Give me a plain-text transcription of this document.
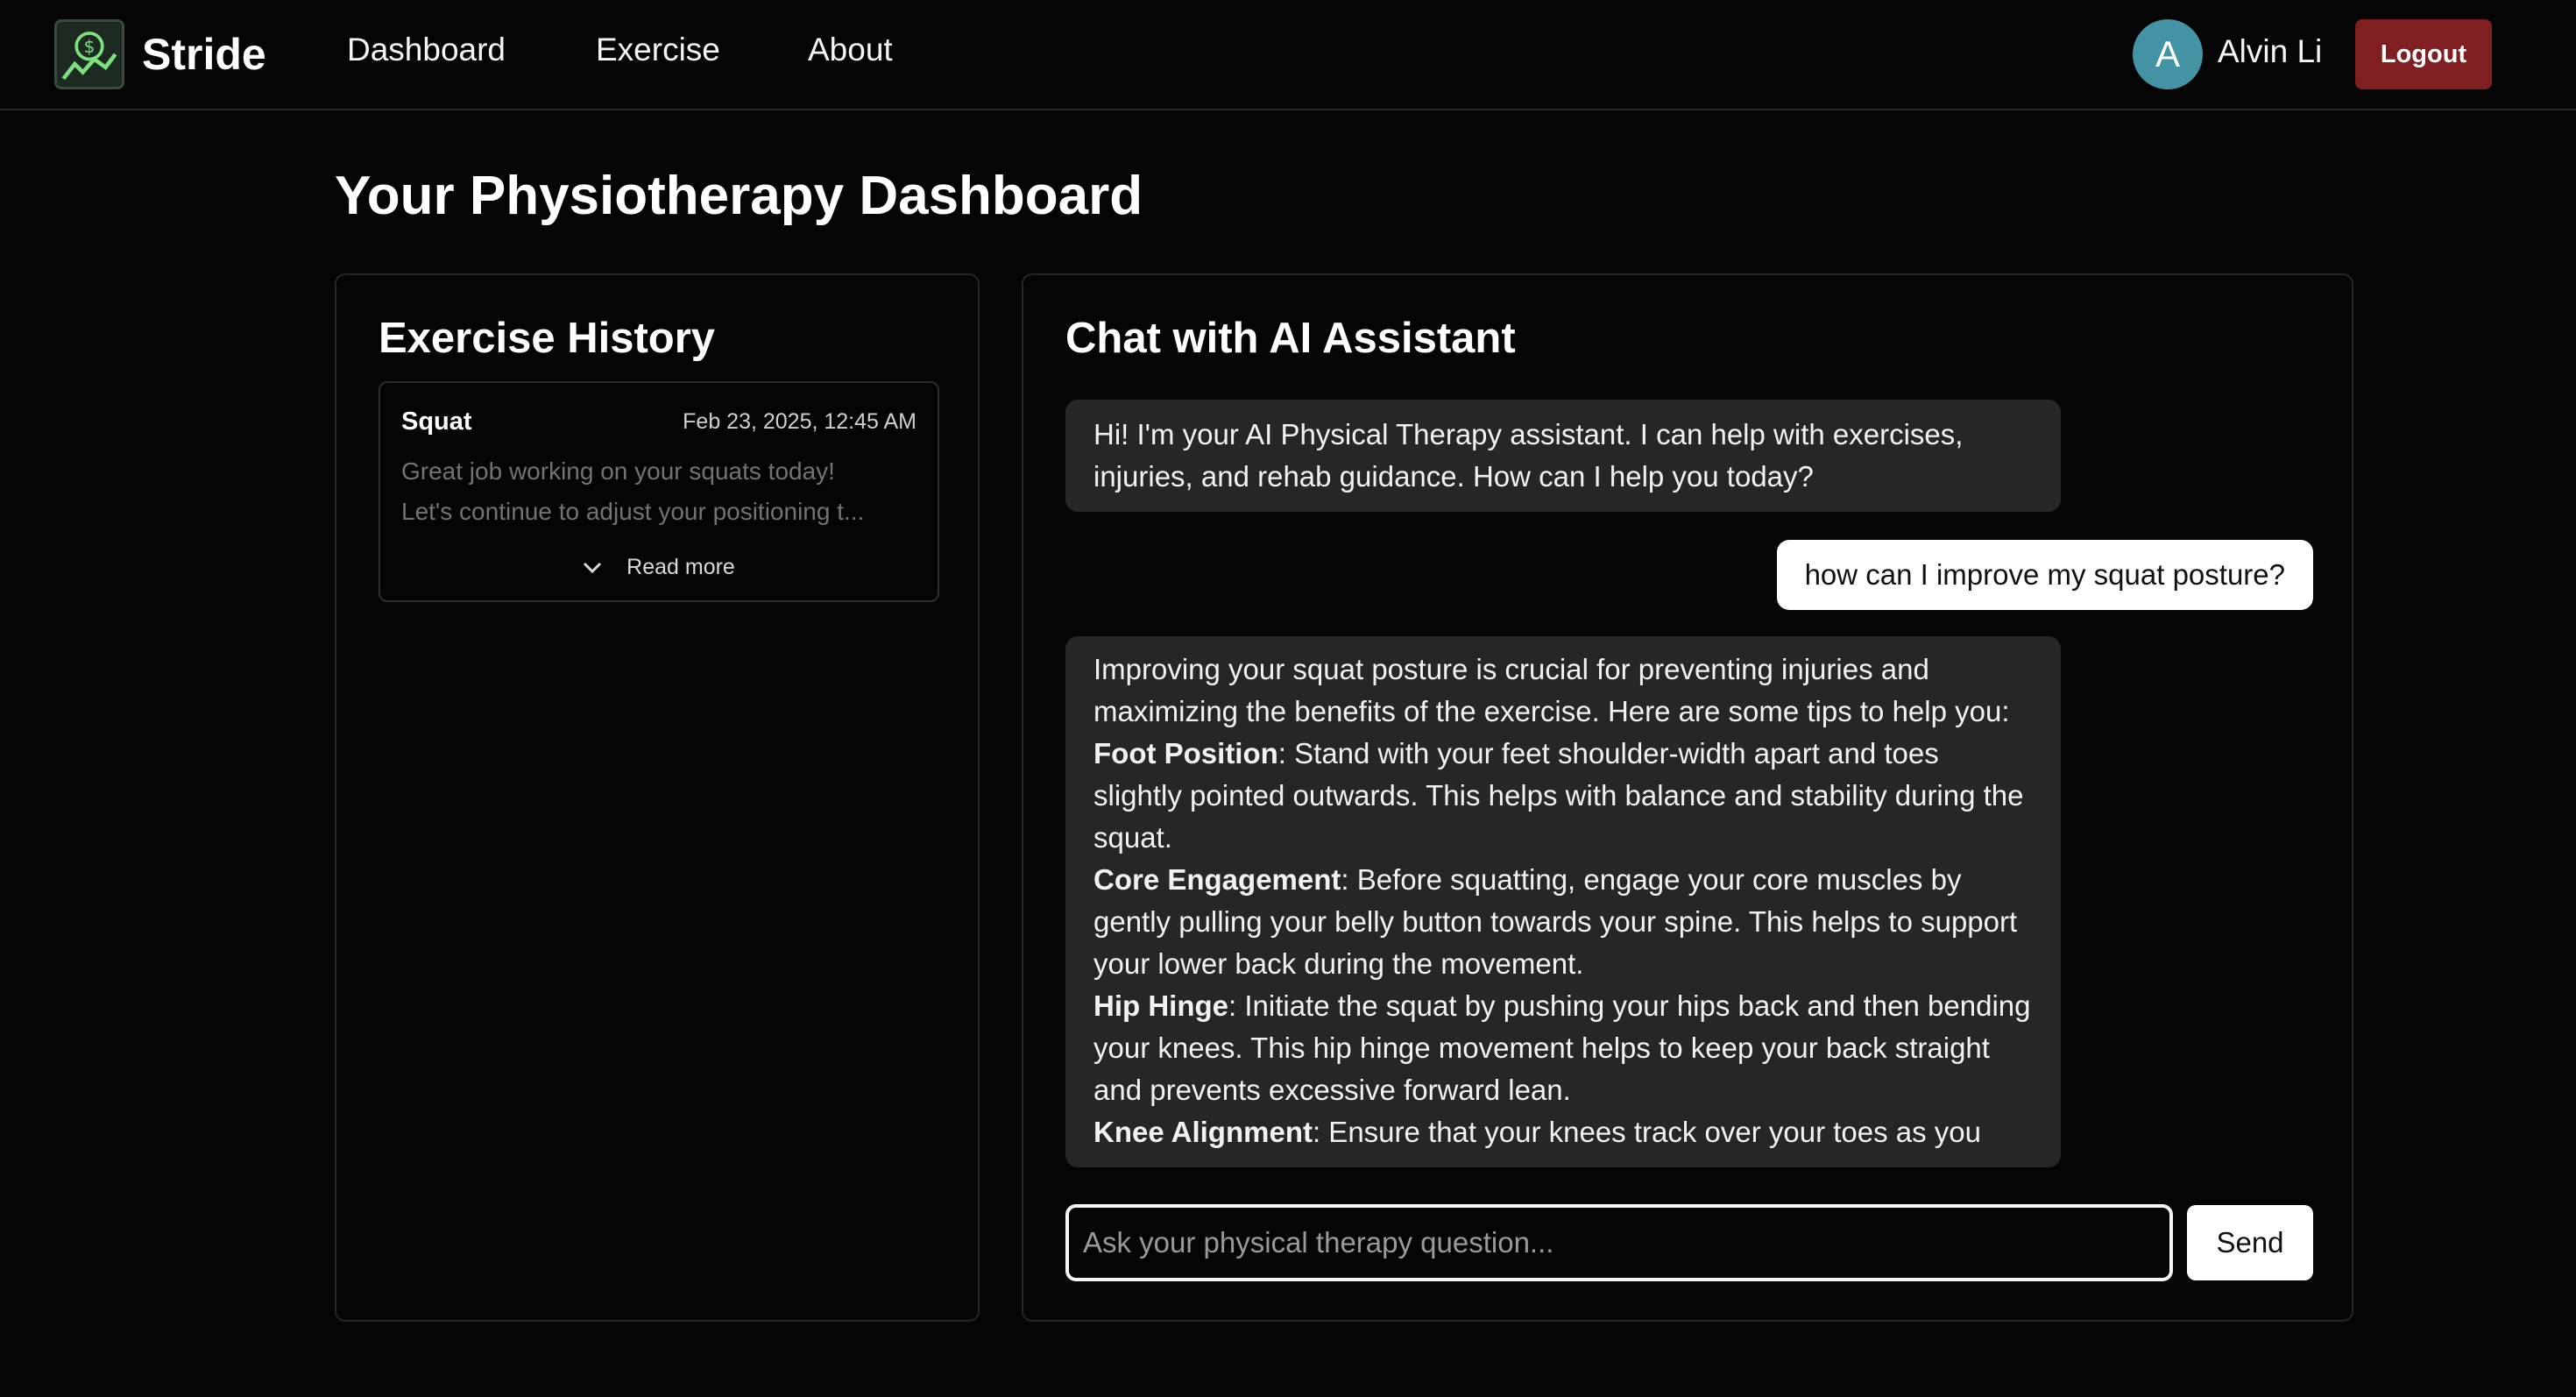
$ Stride Dashboard	Exercise	About	A Alvin Li	Logout
Your Physiotherapy Dashboard
Exercise History
Squat	Feb 23, 2025, 12:45 AM
Great job working on your squats today!
Let's continue to adjust your positioning t...
Read more
Chat with AI Assistant
Hi! I'm your AI Physical Therapy assistant. I can help with exercises, injuries, and rehab guidance. How can I help you today?
how can I improve my squat posture?
Improving your squat posture is crucial for preventing injuries and maximizing the benefits of the exercise. Here are some tips to help you:
Foot Position: Stand with your feet shoulder-width apart and toes slightly pointed outwards. This helps with balance and stability during the squat.
Core Engagement: Before squatting, engage your core muscles by gently pulling your belly button towards your spine. This helps to support your lower back during the movement.
Hip Hinge: Initiate the squat by pushing your hips back and then bending your knees. This hip hinge movement helps to keep your back straight and prevents excessive forward lean.
Knee Alignment: Ensure that your knees track over your toes as you
Ask your physical therapy question...
Send
